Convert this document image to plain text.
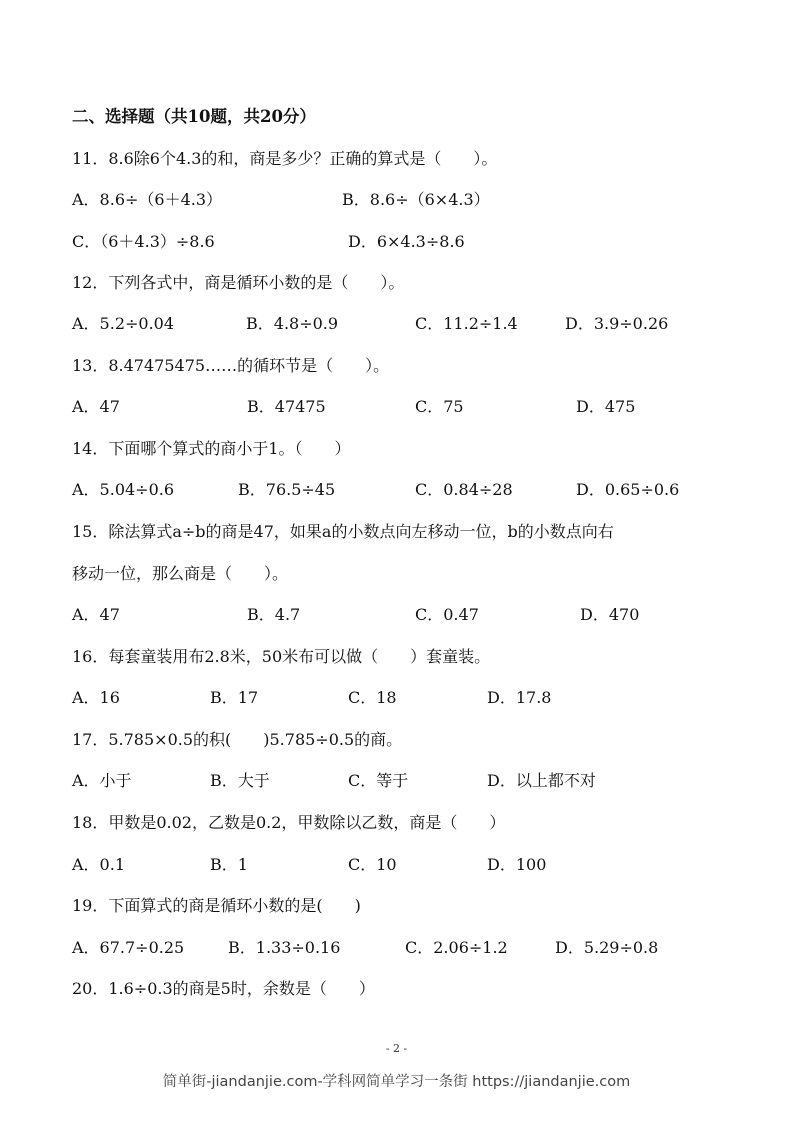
二、选择题（共10题，共20分）
11．8.6除6个4.3的和，商是多少？正确的算式是（　　）。
A．8.6÷（6＋4.3）	B．8.6÷（6×4.3）
C．（6＋4.3）÷8.6	D．6×4.3÷8.6
12．下列各式中，商是循环小数的是（　　）。
A．5.2÷0.04	B．4.8÷0.9	C．11.2÷1.4	D．3.9÷0.26
13．8.47475475……的循环节是（　　）。
A．47	B．47475	C．75	D．475
14．下面哪个算式的商小于1。（　　）
A．5.04÷0.6	B．76.5÷45	C．0.84÷28	D．0.65÷0.6
15．除法算式a÷b的商是47，如果a的小数点向左移动一位，b的小数点向右
移动一位，那么商是（　　）。
A．47	B．4.7	C．0.47	D．470
16．每套童装用布2.8米，50米布可以做（　　）套童装。
A．16	B．17	C．18	D．17.8
17．5.785×0.5的积(　　)5.785÷0.5的商。
A．小于	B．大于	C．等于	D．以上都不对
18．甲数是0.02，乙数是0.2，甲数除以乙数，商是（　　）
A．0.1	B．1	C．10	D．100
19．下面算式的商是循环小数的是(　　)
A．67.7÷0.25	B．1.33÷0.16	C．2.06÷1.2	D．5.29÷0.8
20．1.6÷0.3的商是5时，余数是（　　）
- 2 -
简单街-jiandanjie.com-学科网简单学习一条街 https://jiandanjie.com
